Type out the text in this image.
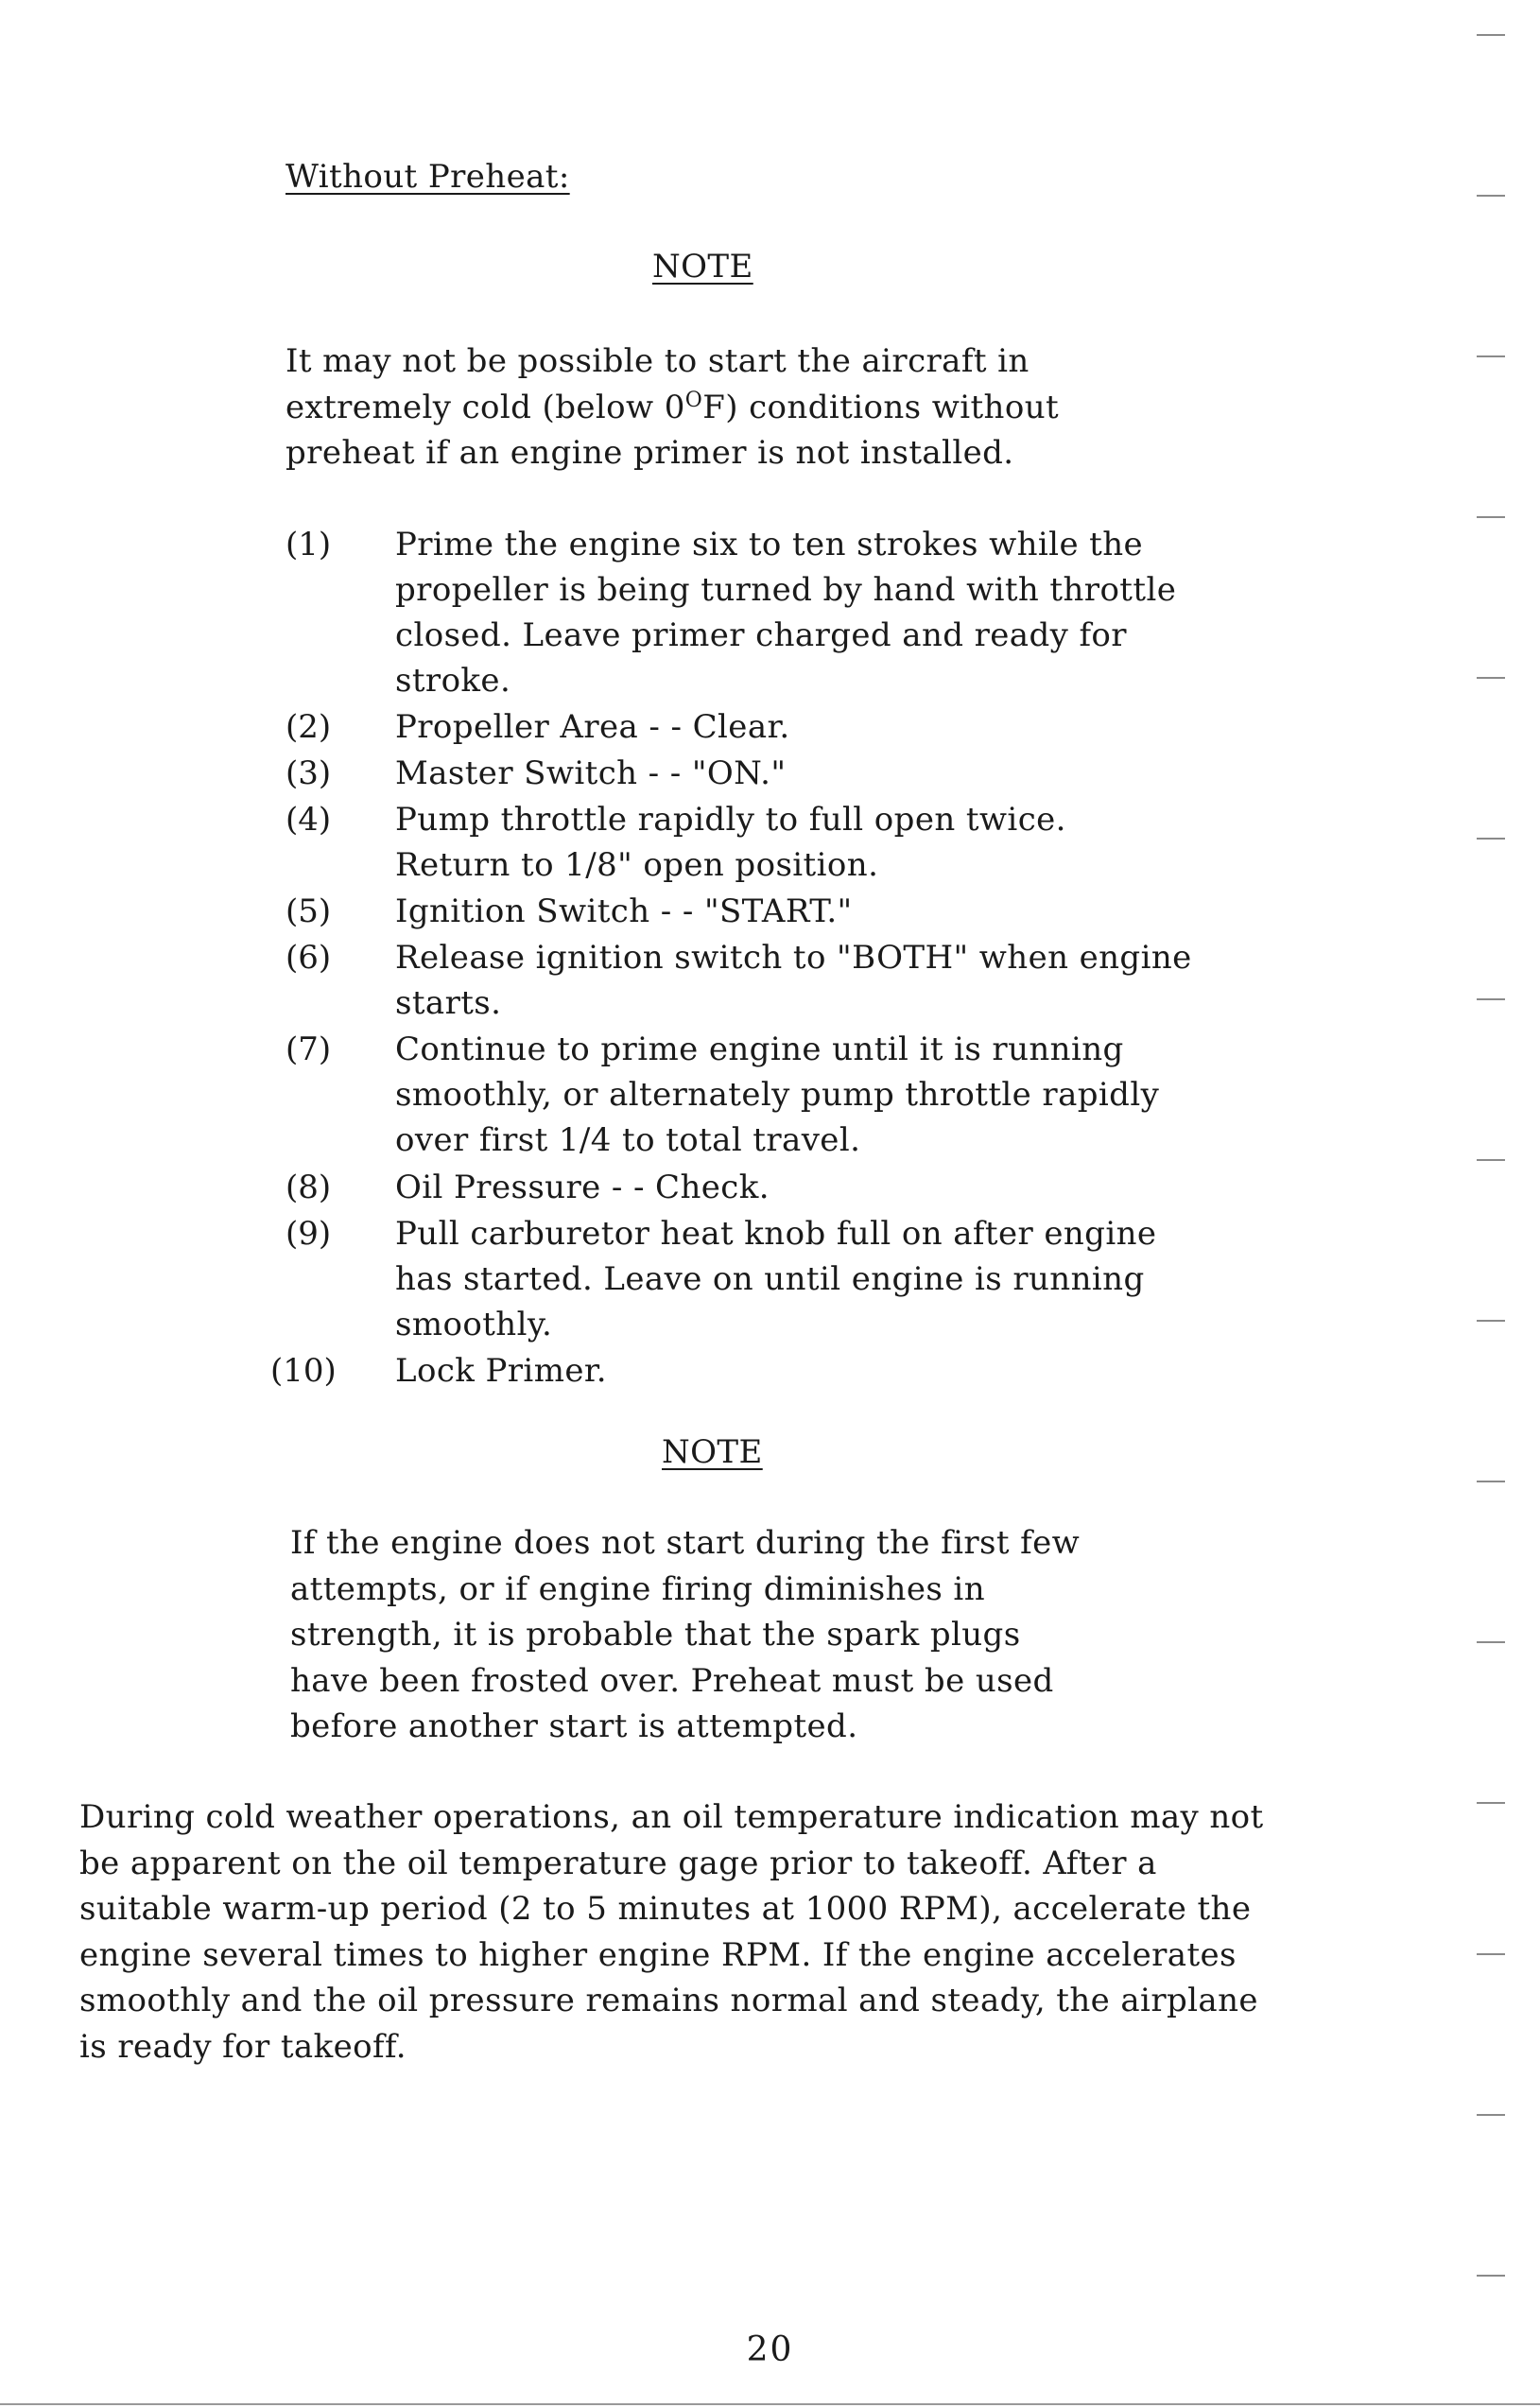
Without Preheat:
NOTE
It may not be possible to start the aircraft in
extremely cold (below $0^OF$) conditions without
preheat if an engine primer is not installed.
(1) Prime the engine six to ten strokes while the
propeller is being turned by hand with throttle
closed. Leave primer charged and ready for
stroke.
(2) Propeller Area - - Clear.
(3) Master Switch - - "ON."
(4) Pump throttle rapidly to full open twice.
Return to 1/8" open position.
(5) Ignition Switch - - "START."
(6) Release ignition switch to "BOTH" when engine
starts.
(7) Continue to prime engine until it is running
smoothly, or alternately pump throttle rapidly
over first 1/4 to total travel.
(8) Oil Pressure - - Check.
(9) Pull carburetor heat knob full on after engine
has started. Leave on until engine is running
smoothly.
(10) Lock Primer.
NOTE
If the engine does not start during the first few
attempts, or if engine firing diminishes in
strength, it is probable that the spark plugs
have been frosted over. Preheat must be used
before another start is attempted.
During cold weather operations, an oil temperature indication may not
be apparent on the oil temperature gage prior to takeoff. After a
suitable warm-up period (2 to 5 minutes at 1000 RPM), accelerate the
engine several times to higher engine RPM. If the engine accelerates
smoothly and the oil pressure remains normal and steady, the airplane
is ready for takeoff.
20
